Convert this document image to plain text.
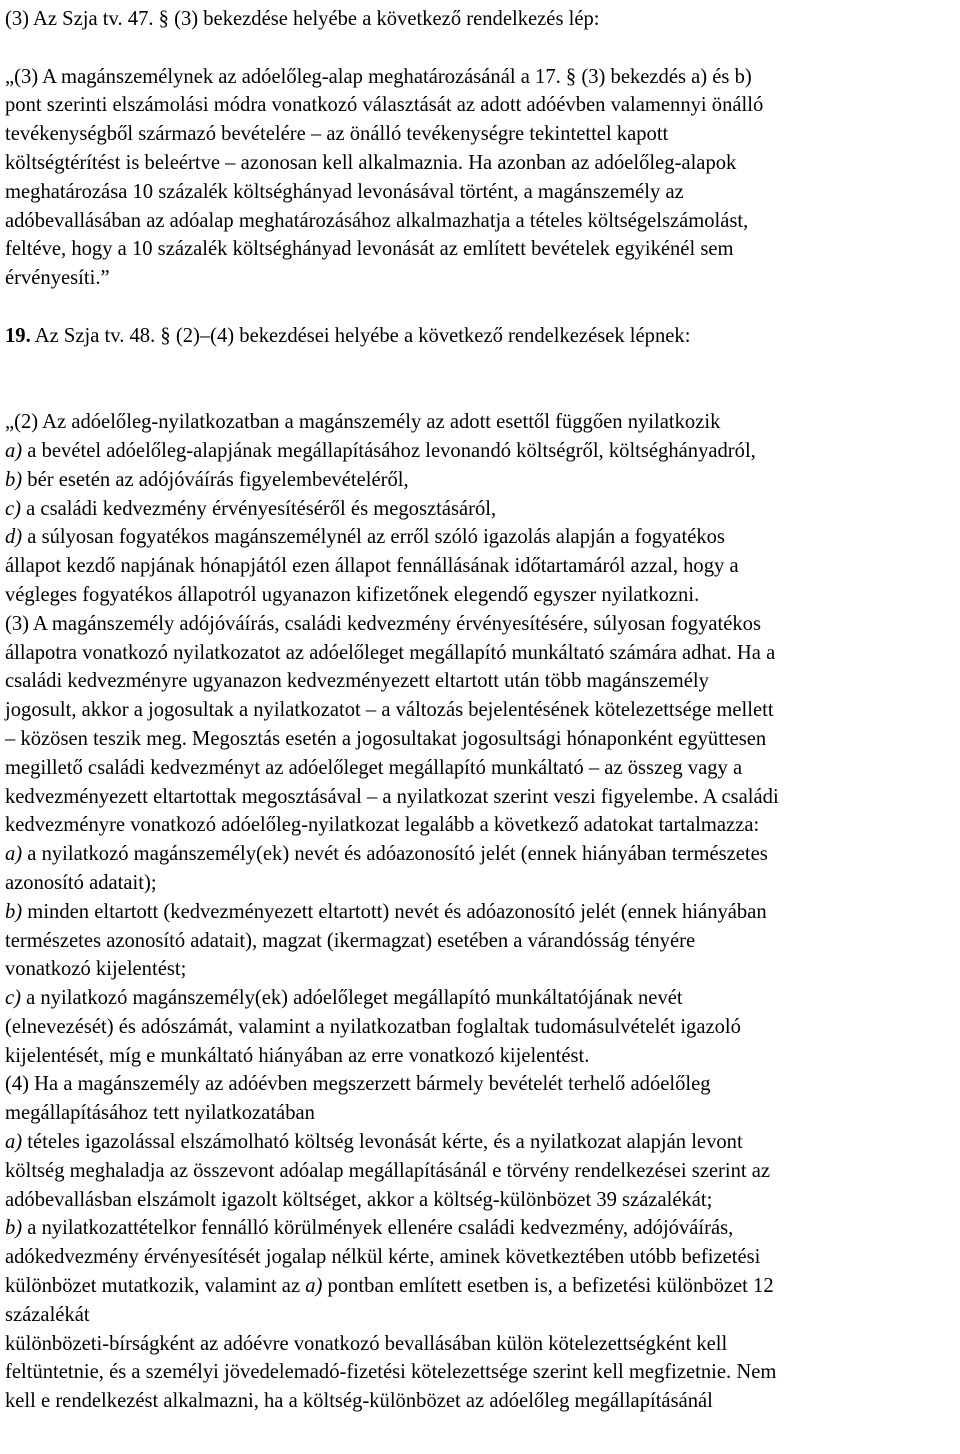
(3) Az Szja tv. 47. § (3) bekezdése helyébe a következő rendelkezés lép:
„(3) A magánszemélynek az adóelőleg-alap meghatározásánál a 17. § (3) bekezdés a) és b)
pont szerinti elszámolási módra vonatkozó választását az adott adóévben valamennyi önálló
tevékenységből származó bevételére – az önálló tevékenységre tekintettel kapott
költségtérítést is beleértve – azonosan kell alkalmaznia. Ha azonban az adóelőleg-alapok
meghatározása 10 százalék költséghányad levonásával történt, a magánszemély az
adóbevallásában az adóalap meghatározásához alkalmazhatja a tételes költségelszámolást,
feltéve, hogy a 10 százalék költséghányad levonását az említett bevételek egyikénél sem
érvényesíti.”
19. Az Szja tv. 48. § (2)–(4) bekezdései helyébe a következő rendelkezések lépnek:
„(2) Az adóelőleg-nyilatkozatban a magánszemély az adott esettől függően nyilatkozik
a) a bevétel adóelőleg-alapjának megállapításához levonandó költségről, költséghányadról,
b) bér esetén az adójóváírás figyelembevételéről,
c) a családi kedvezmény érvényesítéséről és megosztásáról,
d) a súlyosan fogyatékos magánszemélynél az erről szóló igazolás alapján a fogyatékos
állapot kezdő napjának hónapjától ezen állapot fennállásának időtartamáról azzal, hogy a
végleges fogyatékos állapotról ugyanazon kifizetőnek elegendő egyszer nyilatkozni.
(3) A magánszemély adójóváírás, családi kedvezmény érvényesítésére, súlyosan fogyatékos
állapotra vonatkozó nyilatkozatot az adóelőleget megállapító munkáltató számára adhat. Ha a
családi kedvezményre ugyanazon kedvezményezett eltartott után több magánszemély
jogosult, akkor a jogosultak a nyilatkozatot – a változás bejelentésének kötelezettsége mellett
– közösen teszik meg. Megosztás esetén a jogosultakat jogosultsági hónaponként együttesen
megillető családi kedvezményt az adóelőleget megállapító munkáltató – az összeg vagy a
kedvezményezett eltartottak megosztásával – a nyilatkozat szerint veszi figyelembe. A családi
kedvezményre vonatkozó adóelőleg-nyilatkozat legalább a következő adatokat tartalmazza:
a) a nyilatkozó magánszemély(ek) nevét és adóazonosító jelét (ennek hiányában természetes
azonosító adatait);
b) minden eltartott (kedvezményezett eltartott) nevét és adóazonosító jelét (ennek hiányában
természetes azonosító adatait), magzat (ikermagzat) esetében a várandósság tényére
vonatkozó kijelentést;
c) a nyilatkozó magánszemély(ek) adóelőleget megállapító munkáltatójának nevét
(elnevezését) és adószámát, valamint a nyilatkozatban foglaltak tudomásulvételét igazoló
kijelentését, míg e munkáltató hiányában az erre vonatkozó kijelentést.
(4) Ha a magánszemély az adóévben megszerzett bármely bevételét terhelő adóelőleg
megállapításához tett nyilatkozatában
a) tételes igazolással elszámolható költség levonását kérte, és a nyilatkozat alapján levont
költség meghaladja az összevont adóalap megállapításánál e törvény rendelkezései szerint az
adóbevallásban elszámolt igazolt költséget, akkor a költség-különbözet 39 százalékát;
b) a nyilatkozattételkor fennálló körülmények ellenére családi kedvezmény, adójóváírás,
adókedvezmény érvényesítését jogalap nélkül kérte, aminek következtében utóbb befizetési
különbözet mutatkozik, valamint az a) pontban említett esetben is, a befizetési különbözet 12
százalékát
különbözeti-bírságként az adóévre vonatkozó bevallásában külön kötelezettségként kell
feltüntetnie, és a személyi jövedelemadó-fizetési kötelezettsége szerint kell megfizetnie. Nem
kell e rendelkezést alkalmazni, ha a költség-különbözet az adóelőleg megállapításánál
